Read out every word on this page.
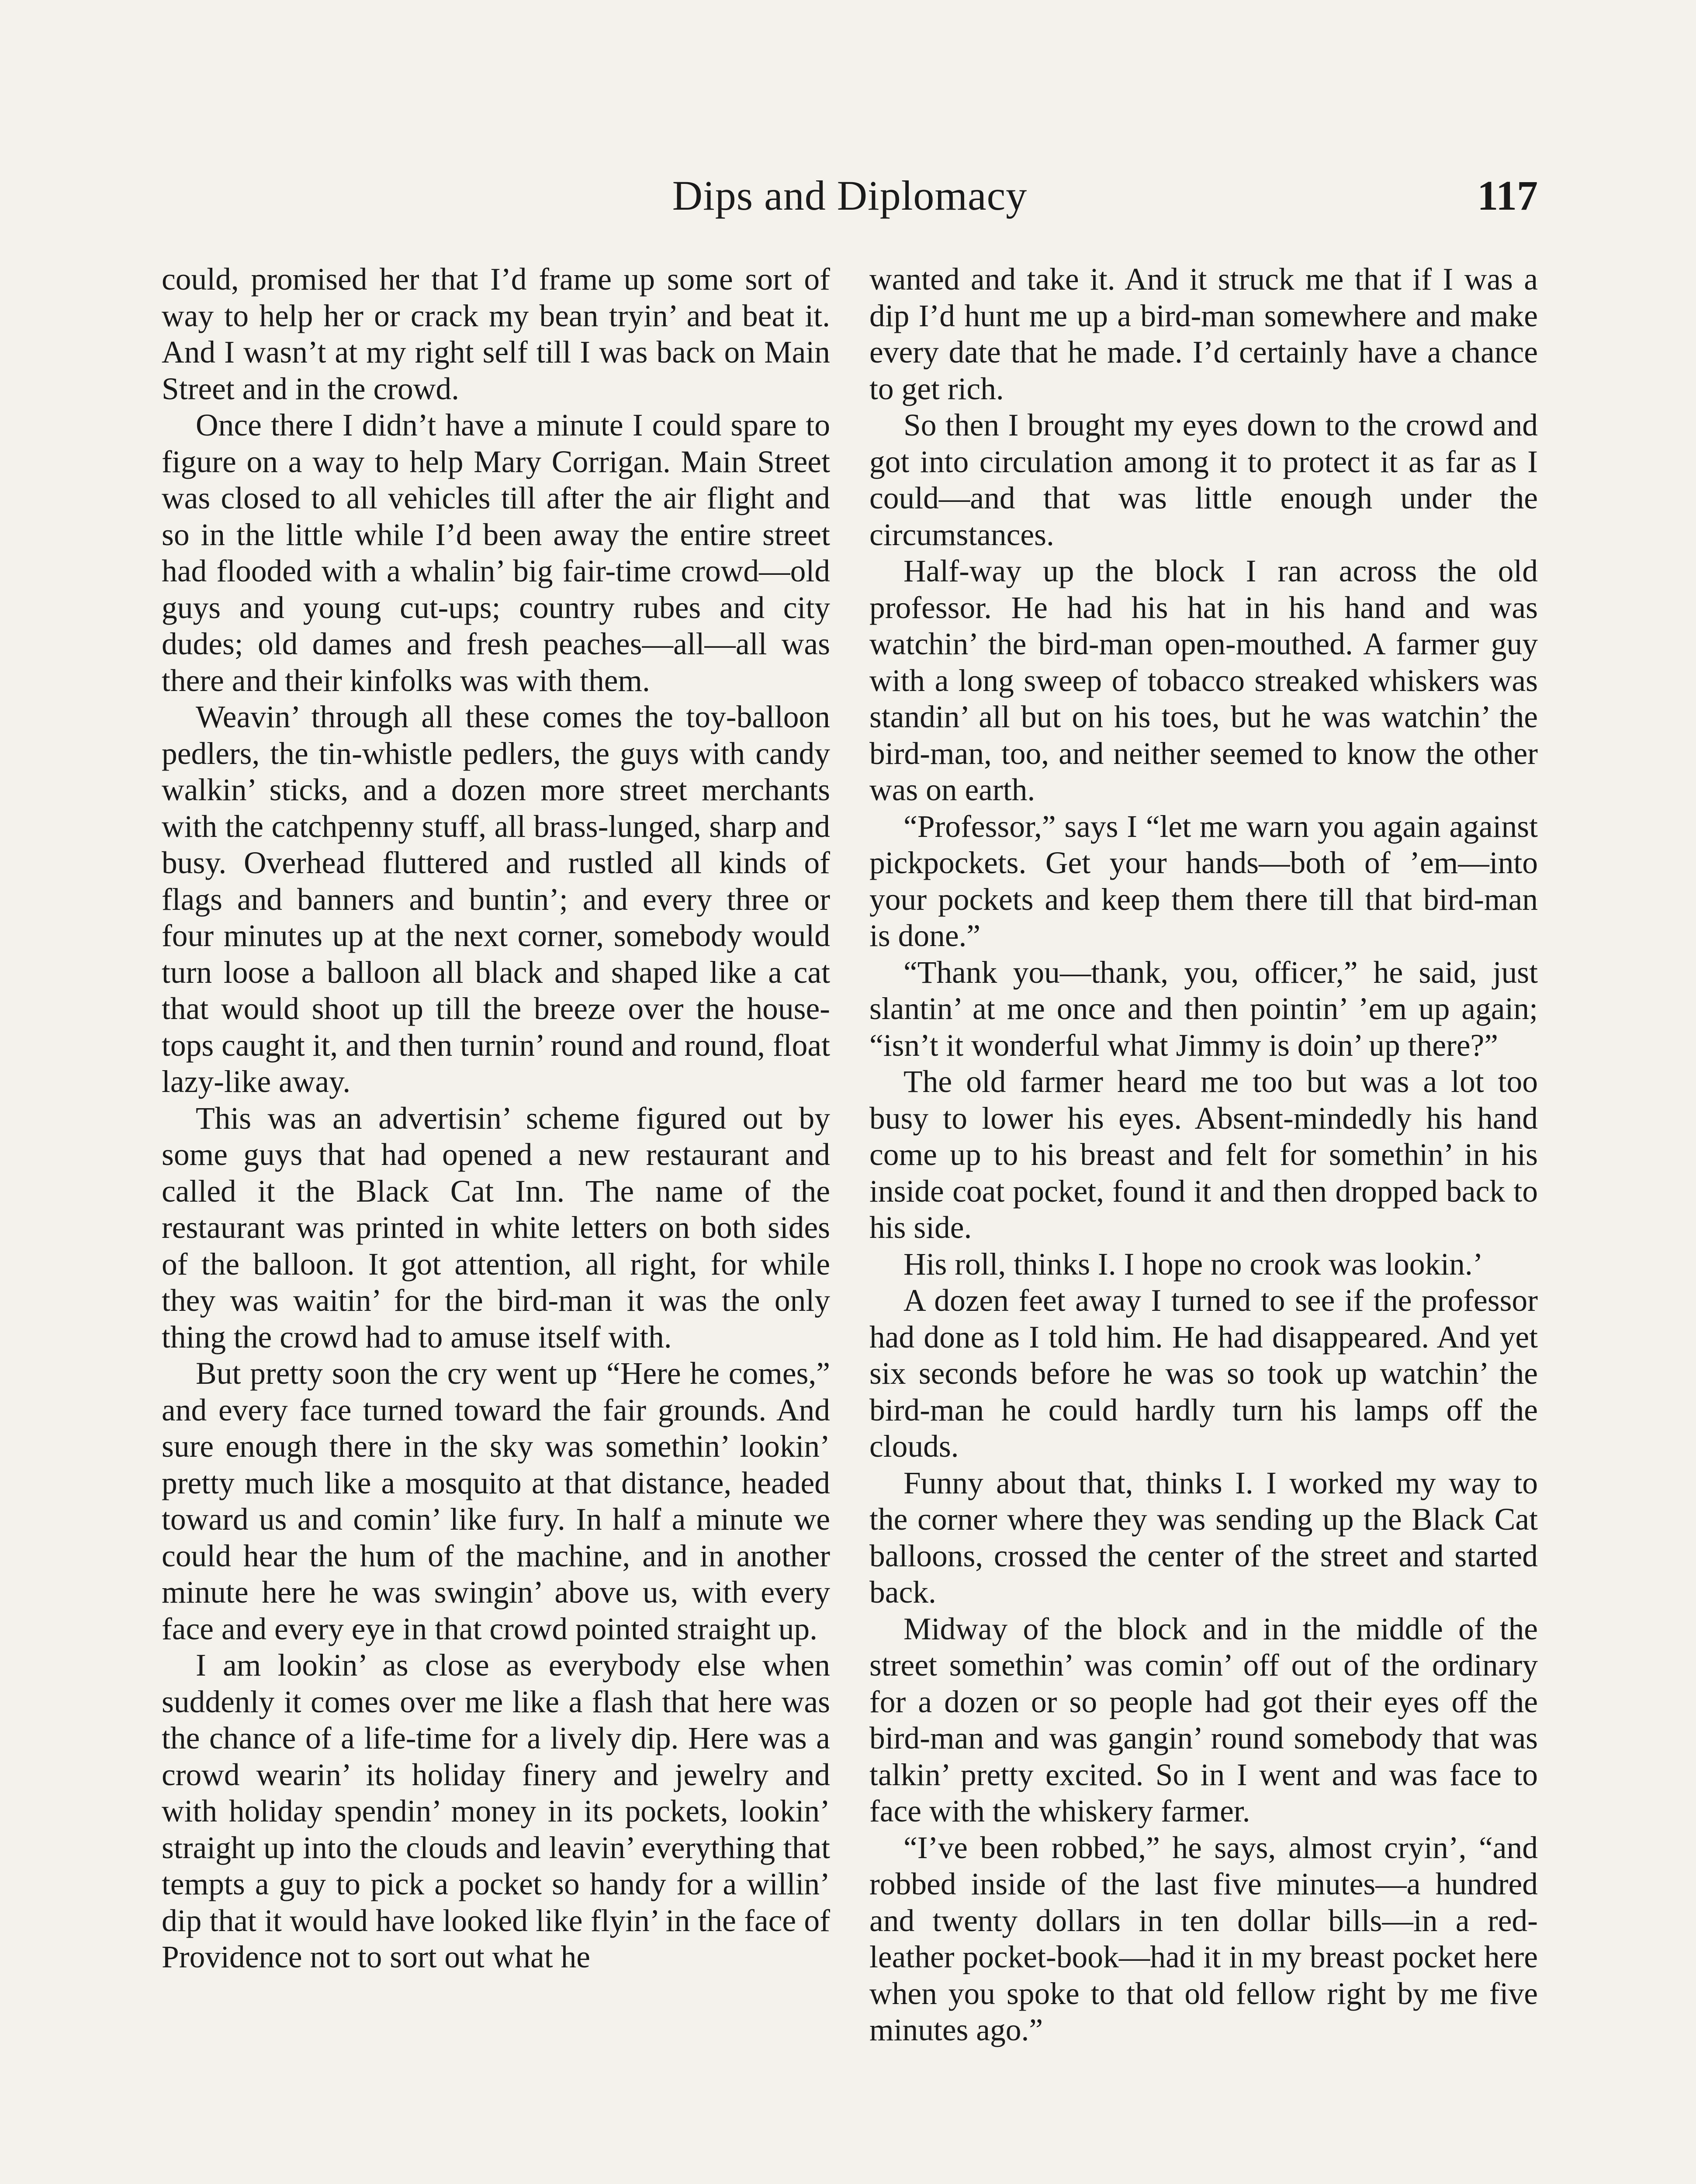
Dips and Diplomacy	117

could, promised her that I’d frame up some sort of way to help her or crack my bean tryin’ and beat it. And I wasn’t at my right self till I was back on Main Street and in the crowd.

Once there I didn’t have a minute I could spare to figure on a way to help Mary Corrigan. Main Street was closed to all vehicles till after the air flight and so in the little while I’d been away the entire street had flooded with a whalin’ big fair-time crowd—old guys and young cut-ups; country rubes and city dudes; old dames and fresh peaches—all—all was there and their kinfolks was with them.

Weavin’ through all these comes the toy-balloon pedlers, the tin-whistle pedlers, the guys with candy walkin’ sticks, and a dozen more street merchants with the catchpenny stuff, all brass-lunged, sharp and busy. Overhead fluttered and rustled all kinds of flags and banners and buntin’; and every three or four minutes up at the next corner, somebody would turn loose a balloon all black and shaped like a cat that would shoot up till the breeze over the house-tops caught it, and then turnin’ round and round, float lazy-like away.

This was an advertisin’ scheme figured out by some guys that had opened a new restaurant and called it the Black Cat Inn. The name of the restaurant was printed in white letters on both sides of the balloon. It got attention, all right, for while they was waitin’ for the bird-man it was the only thing the crowd had to amuse itself with.

But pretty soon the cry went up “Here he comes,” and every face turned toward the fair grounds. And sure enough there in the sky was somethin’ lookin’ pretty much like a mosquito at that distance, headed toward us and comin’ like fury. In half a minute we could hear the hum of the machine, and in another minute here he was swingin’ above us, with every face and every eye in that crowd pointed straight up.

I am lookin’ as close as everybody else when suddenly it comes over me like a flash that here was the chance of a life-time for a lively dip. Here was a crowd wearin’ its holiday finery and jewelry and with holiday spendin’ money in its pockets, lookin’ straight up into the clouds and leavin’ everything that tempts a guy to pick a pocket so handy for a willin’ dip that it would have looked like flyin’ in the face of Providence not to sort out what he

wanted and take it. And it struck me that if I was a dip I’d hunt me up a bird-man somewhere and make every date that he made. I’d certainly have a chance to get rich.

So then I brought my eyes down to the crowd and got into circulation among it to protect it as far as I could—and that was little enough under the circumstances.

Half-way up the block I ran across the old professor. He had his hat in his hand and was watchin’ the bird-man open-mouthed. A farmer guy with a long sweep of tobacco streaked whiskers was standin’ all but on his toes, but he was watchin’ the bird-man, too, and neither seemed to know the other was on earth.

“Professor,” says I “let me warn you again against pickpockets. Get your hands—both of ’em—into your pockets and keep them there till that bird-man is done.”

“Thank you—thank, you, officer,” he said, just slantin’ at me once and then pointin’ ’em up again; “isn’t it wonderful what Jimmy is doin’ up there?”

The old farmer heard me too but was a lot too busy to lower his eyes. Absent-mindedly his hand come up to his breast and felt for somethin’ in his inside coat pocket, found it and then dropped back to his side.

His roll, thinks I. I hope no crook was lookin.’

A dozen feet away I turned to see if the professor had done as I told him. He had disappeared. And yet six seconds before he was so took up watchin’ the bird-man he could hardly turn his lamps off the clouds.

Funny about that, thinks I. I worked my way to the corner where they was sending up the Black Cat balloons, crossed the center of the street and started back.

Midway of the block and in the middle of the street somethin’ was comin’ off out of the ordinary for a dozen or so people had got their eyes off the bird-man and was gangin’ round somebody that was talkin’ pretty excited. So in I went and was face to face with the whiskery farmer.

“I’ve been robbed,” he says, almost cryin’, “and robbed inside of the last five minutes—a hundred and twenty dollars in ten dollar bills—in a red-leather pocket-book—had it in my breast pocket here when you spoke to that old fellow right by me five minutes ago.”
